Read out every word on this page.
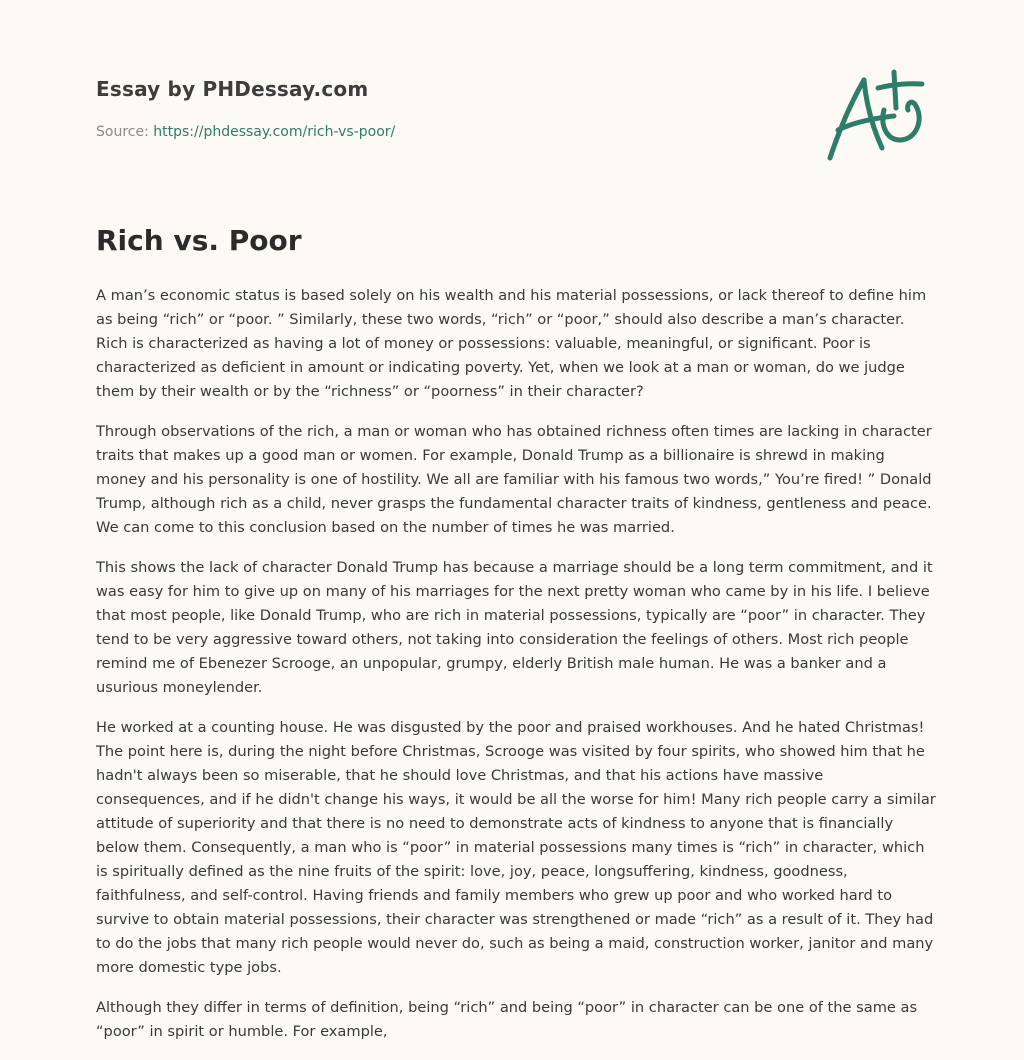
Essay by PHDessay.com
Source: https://phdessay.com/rich-vs-poor/
Rich vs. Poor

A man’s economic status is based solely on his wealth and his material possessions, or lack thereof to define him as being “rich” or “poor. ” Similarly, these two words, “rich” or “poor,” should also describe a man’s character. Rich is characterized as having a lot of money or possessions: valuable, meaningful, or significant. Poor is characterized as deficient in amount or indicating poverty. Yet, when we look at a man or woman, do we judge them by their wealth or by the “richness” or “poorness” in their character?

Through observations of the rich, a man or woman who has obtained richness often times are lacking in character traits that makes up a good man or women. For example, Donald Trump as a billionaire is shrewd in making money and his personality is one of hostility. We all are familiar with his famous two words,” You’re fired! ” Donald Trump, although rich as a child, never grasps the fundamental character traits of kindness, gentleness and peace. We can come to this conclusion based on the number of times he was married.

This shows the lack of character Donald Trump has because a marriage should be a long term commitment, and it was easy for him to give up on many of his marriages for the next pretty woman who came by in his life. I believe that most people, like Donald Trump, who are rich in material possessions, typically are “poor” in character. They tend to be very aggressive toward others, not taking into consideration the feelings of others. Most rich people remind me of Ebenezer Scrooge, an unpopular, grumpy, elderly British male human. He was a banker and a usurious moneylender.

He worked at a counting house. He was disgusted by the poor and praised workhouses. And he hated Christmas! The point here is, during the night before Christmas, Scrooge was visited by four spirits, who showed him that he hadn't always been so miserable, that he should love Christmas, and that his actions have massive consequences, and if he didn't change his ways, it would be all the worse for him! Many rich people carry a similar attitude of superiority and that there is no need to demonstrate acts of kindness to anyone that is financially below them. Consequently, a man who is “poor” in material possessions many times is “rich” in character, which is spiritually defined as the nine fruits of the spirit: love, joy, peace, longsuffering, kindness, goodness, faithfulness, and self-control. Having friends and family members who grew up poor and who worked hard to survive to obtain material possessions, their character was strengthened or made “rich” as a result of it. They had to do the jobs that many rich people would never do, such as being a maid, construction worker, janitor and many more domestic type jobs.

Although they differ in terms of definition, being “rich” and being “poor” in character can be one of the same as “poor” in spirit or humble. For example,
